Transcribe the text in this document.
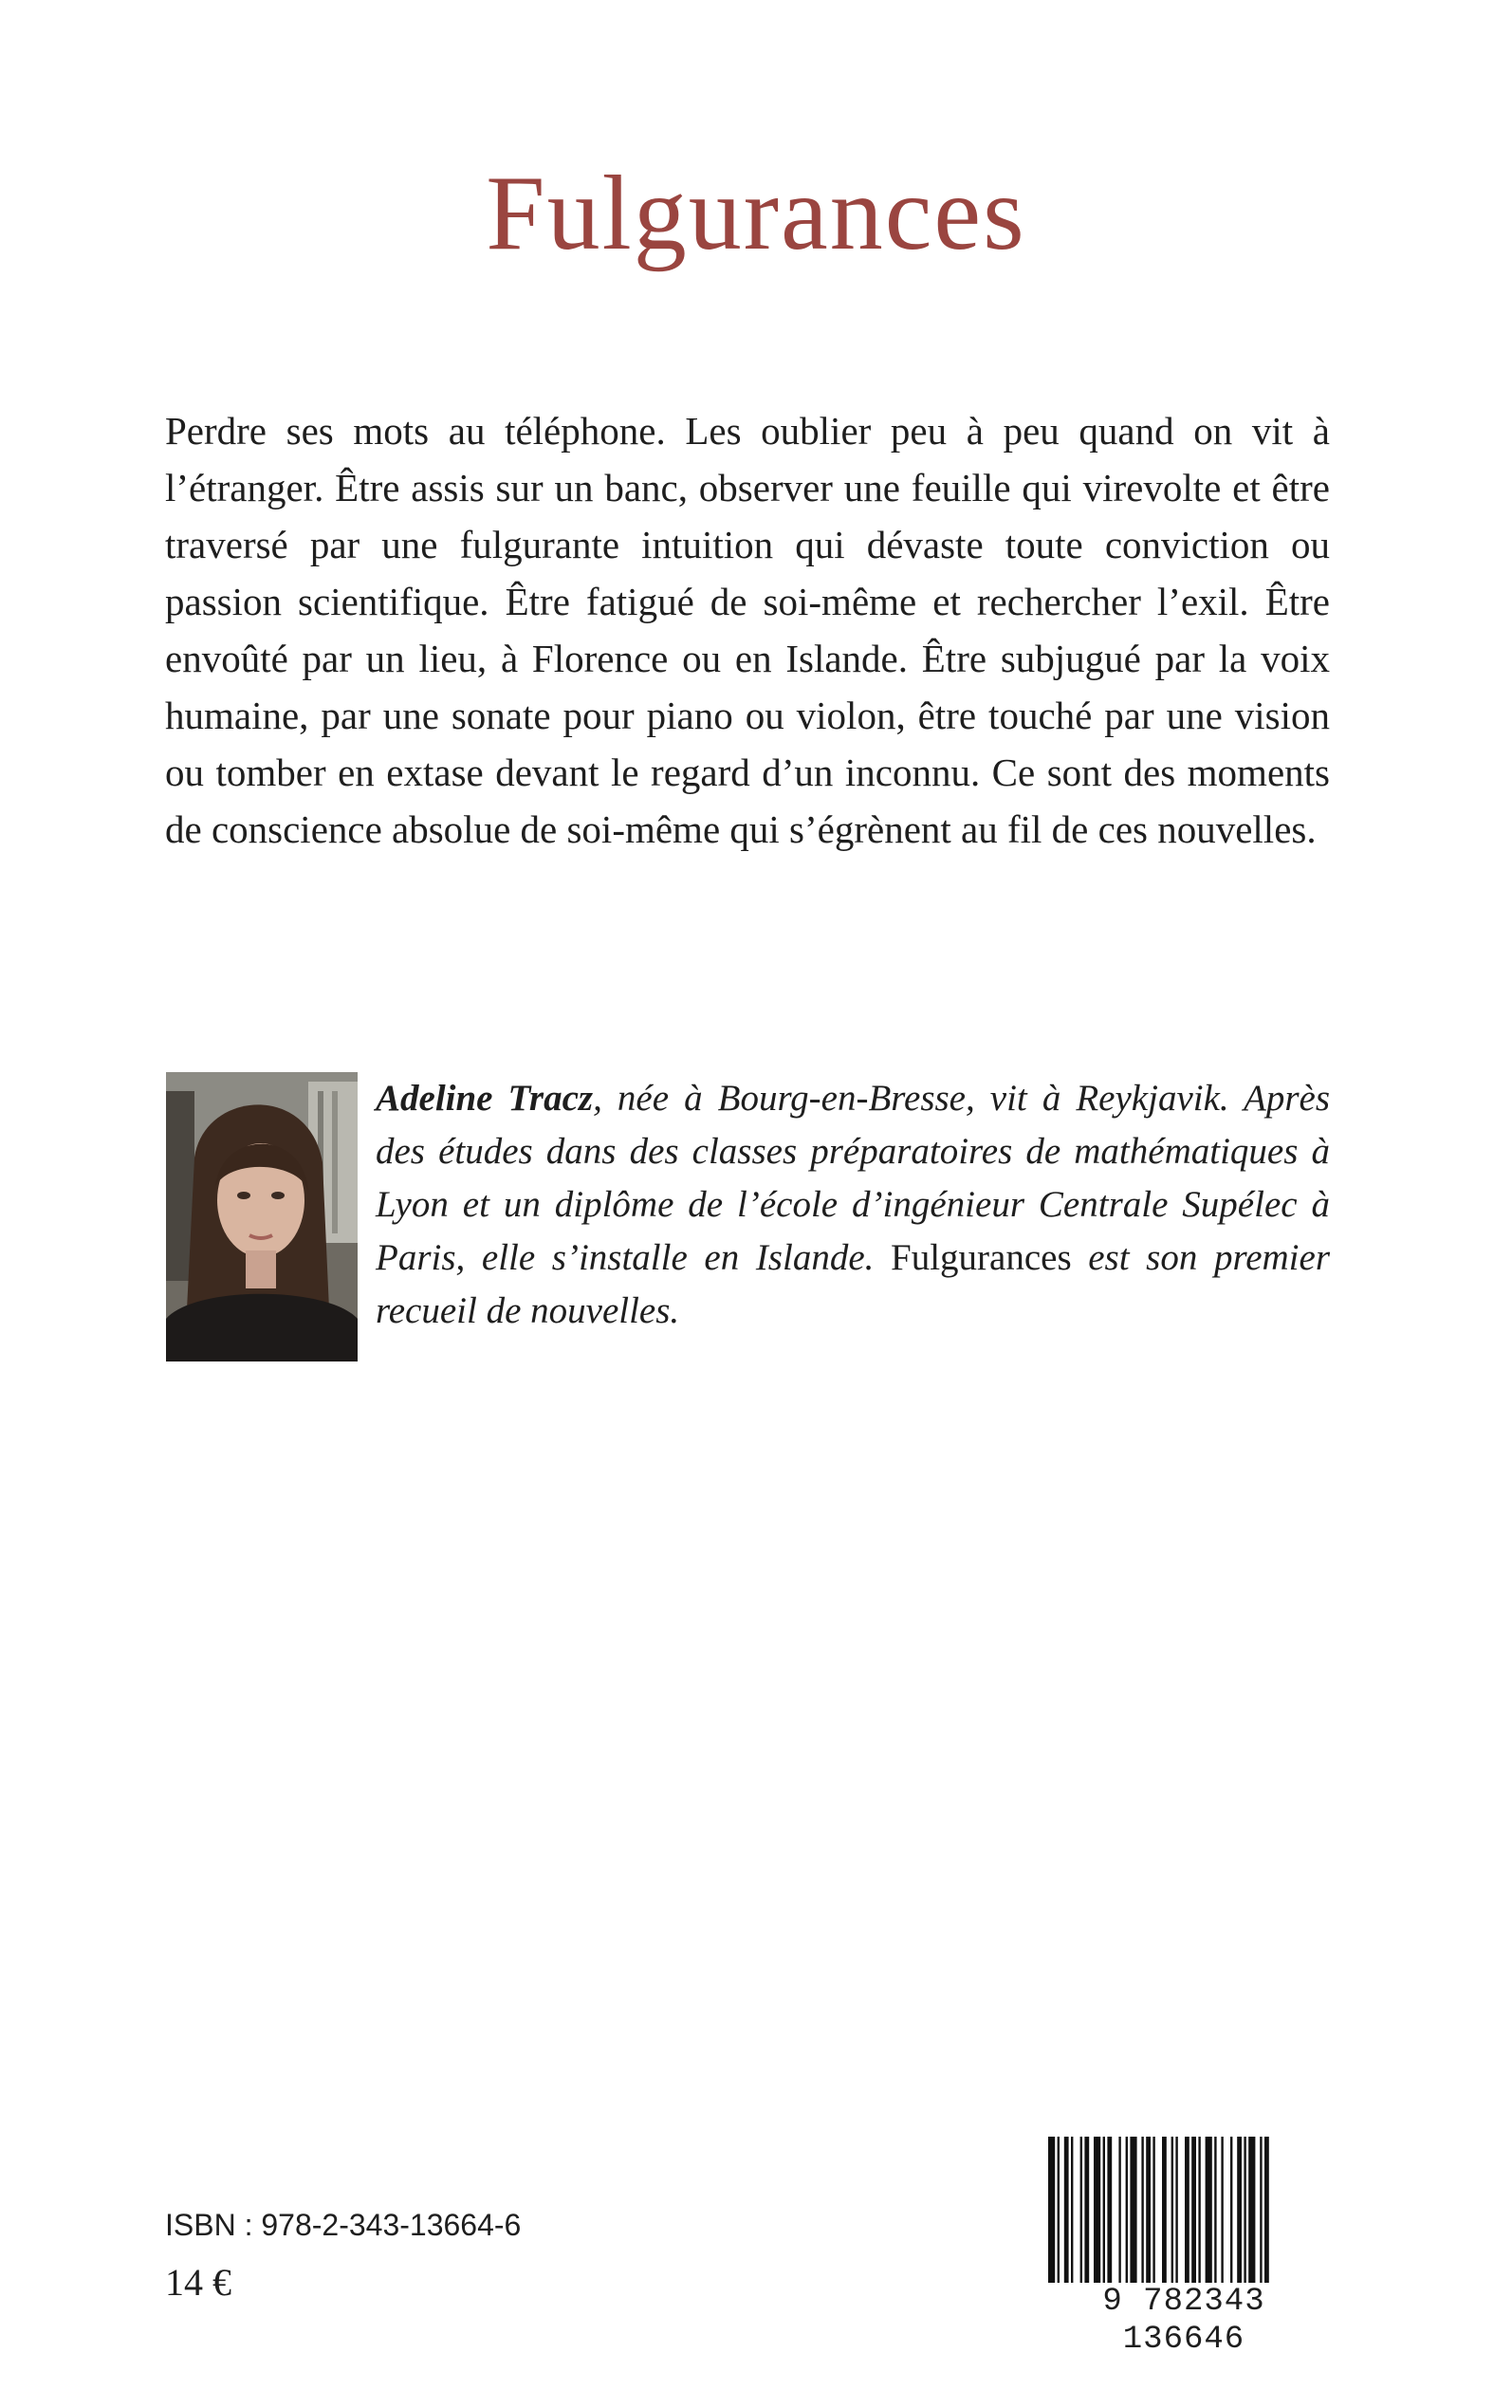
Fulgurances

Perdre ses mots au téléphone. Les oublier peu à peu quand on vit à l’étranger. Être assis sur un banc, observer une feuille qui virevolte et être traversé par une fulgurante intuition qui dévaste toute conviction ou passion scientifique. Être fatigué de soi-même et rechercher l’exil. Être envoûté par un lieu, à Florence ou en Islande. Être subjugué par la voix humaine, par une sonate pour piano ou violon, être touché par une vision ou tomber en extase devant le regard d’un inconnu. Ce sont des moments de conscience absolue de soi-même qui s’égrènent au fil de ces nouvelles.

Adeline Tracz, née à Bourg-en-Bresse, vit à Reykjavik. Après des études dans des classes préparatoires de mathématiques à Lyon et un diplôme de l’école d’ingénieur Centrale Supélec à Paris, elle s’installe en Islande. Fulgurances est son premier recueil de nouvelles.

ISBN : 978-2-343-13664-6
14 €	9 782343 136646
